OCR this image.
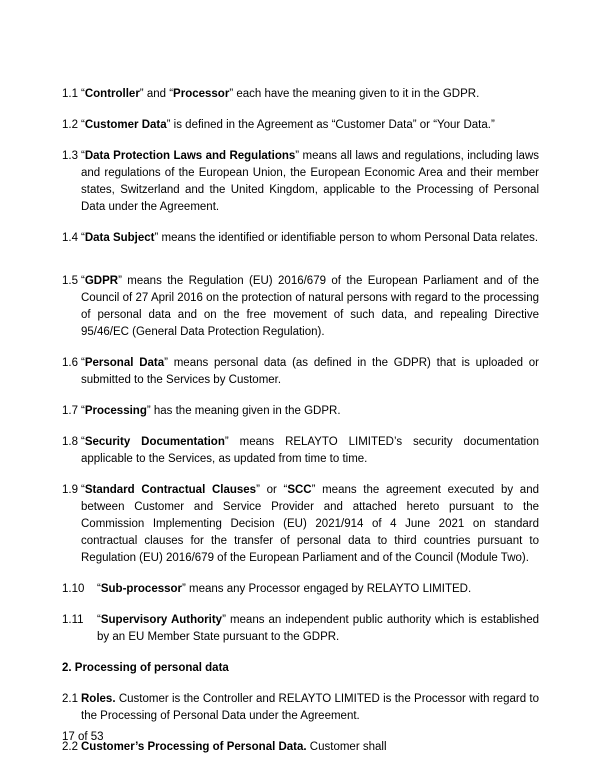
1.1 “Controller” and “Processor” each have the meaning given to it in the GDPR.
1.2 “Customer Data” is defined in the Agreement as “Customer Data” or “Your Data.”
1.3 “Data Protection Laws and Regulations” means all laws and regulations, including laws and regulations of the European Union, the European Economic Area and their member states, Switzerland and the United Kingdom, applicable to the Processing of Personal Data under the Agreement.
1.4 “Data Subject” means the identified or identifiable person to whom Personal Data relates.
1.5 “GDPR” means the Regulation (EU) 2016/679 of the European Parliament and of the Council of 27 April 2016 on the protection of natural persons with regard to the processing of personal data and on the free movement of such data, and repealing Directive 95/46/EC (General Data Protection Regulation).
1.6 “Personal Data” means personal data (as defined in the GDPR) that is uploaded or submitted to the Services by Customer.
1.7 “Processing” has the meaning given in the GDPR.
1.8 “Security Documentation” means RELAYTO LIMITED’s security documentation applicable to the Services, as updated from time to time.
1.9 “Standard Contractual Clauses” or “SCC” means the agreement executed by and between Customer and Service Provider and attached hereto pursuant to the Commission Implementing Decision (EU) 2021/914 of 4 June 2021 on standard contractual clauses for the transfer of personal data to third countries pursuant to Regulation (EU) 2016/679 of the European Parliament and of the Council (Module Two).
1.10 “Sub-processor” means any Processor engaged by RELAYTO LIMITED.
1.11 “Supervisory Authority” means an independent public authority which is established by an EU Member State pursuant to the GDPR.
2. Processing of personal data
2.1 Roles. Customer is the Controller and RELAYTO LIMITED is the Processor with regard to the Processing of Personal Data under the Agreement.
2.2 Customer’s Processing of Personal Data. Customer shall
17 of 53
